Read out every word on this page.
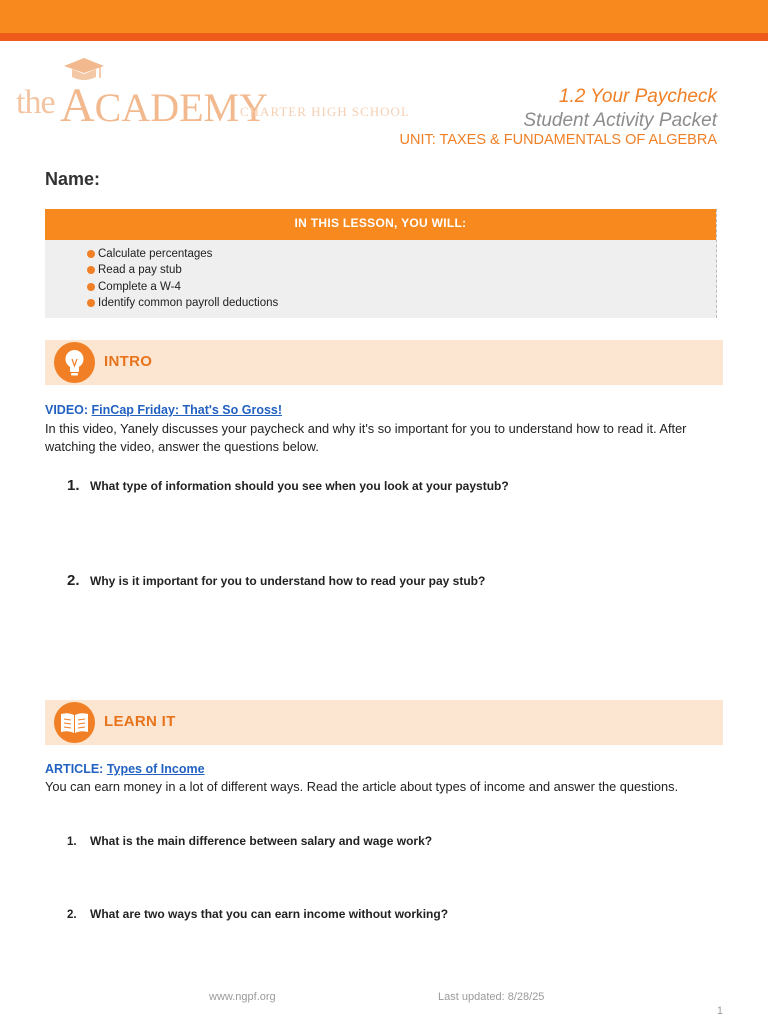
the ACADEMY
CHARTER HIGH SCHOOL
1.2 Your Paycheck
Student Activity Packet
UNIT: TAXES & FUNDAMENTALS OF ALGEBRA
Name:
IN THIS LESSON, YOU WILL:
Calculate percentages
Read a pay stub
Complete a W-4
Identify common payroll deductions
INTRO
VIDEO: FinCap Friday: That's So Gross!
In this video, Yanely discusses your paycheck and why it's so important for you to understand how to read it. After watching the video, answer the questions below.
1. What type of information should you see when you look at your paystub?
2. Why is it important for you to understand how to read your pay stub?
LEARN IT
ARTICLE: Types of Income
You can earn money in a lot of different ways. Read the article about types of income and answer the questions.
1.	What is the main difference between salary and wage work?
2.	What are two ways that you can earn income without working?
www.ngpf.org	Last updated: 8/28/25
1
